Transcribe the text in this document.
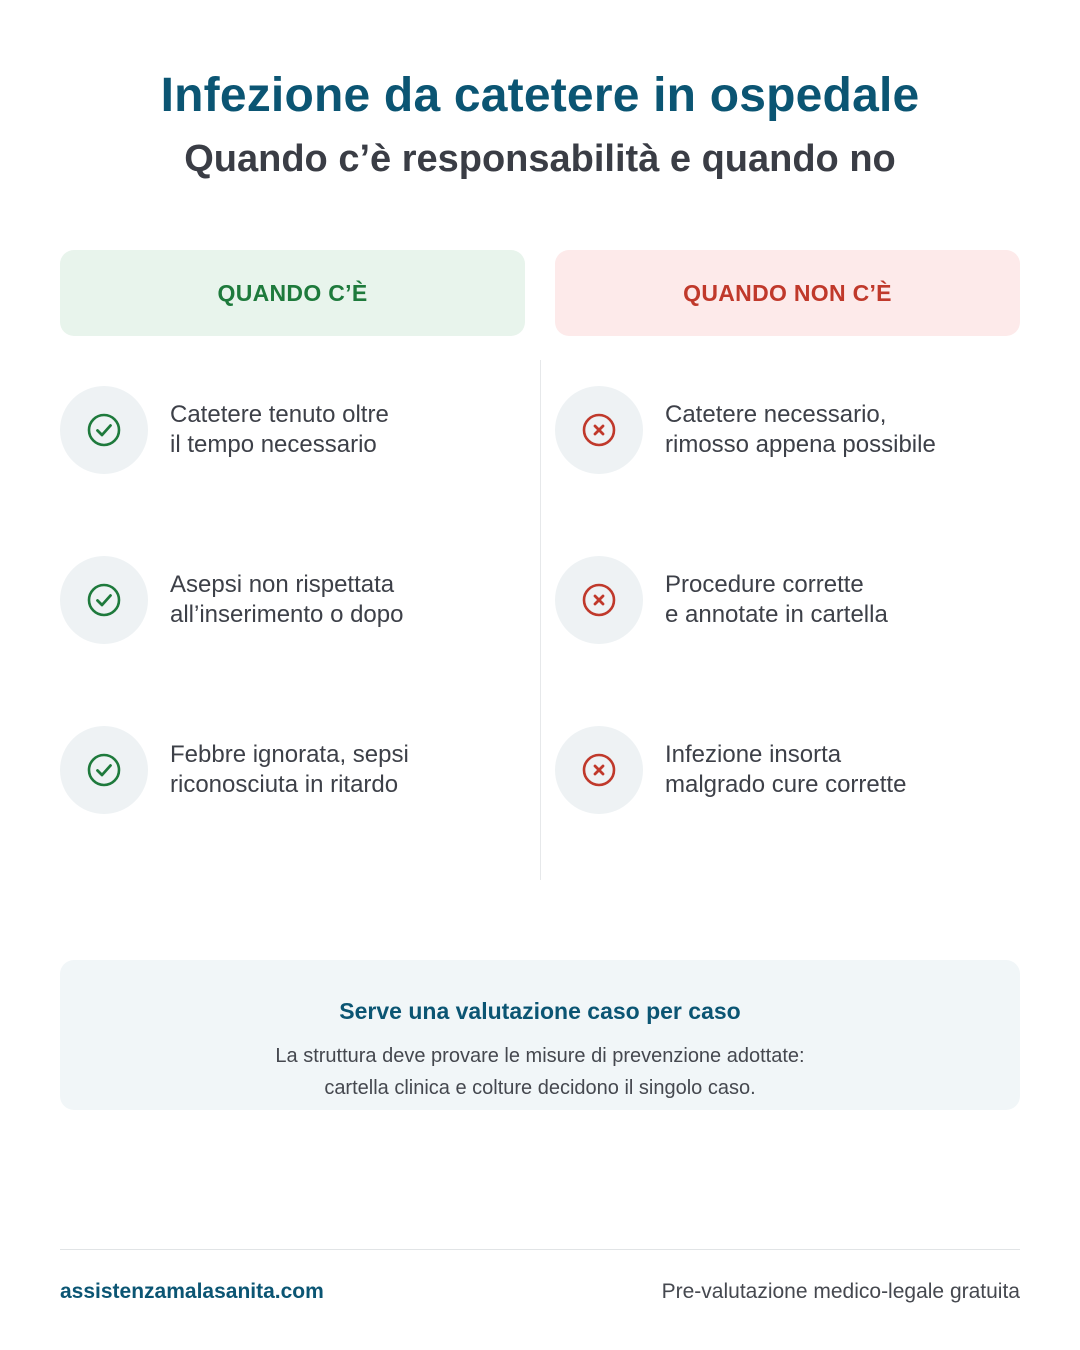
Infezione da catetere in ospedale
Quando c’è responsabilità e quando no
QUANDO C’È	QUANDO NON C’È
Catetere tenuto oltre
il tempo necessario
Asepsi non rispettata
all’inserimento o dopo
Febbre ignorata, sepsi
riconosciuta in ritardo
Catetere necessario,
rimosso appena possibile
Procedure corrette
e annotate in cartella
Infezione insorta
malgrado cure corrette
Serve una valutazione caso per caso
La struttura deve provare le misure di prevenzione adottate:
cartella clinica e colture decidono il singolo caso.
assistenzamalasanita.com	Pre-valutazione medico-legale gratuita
